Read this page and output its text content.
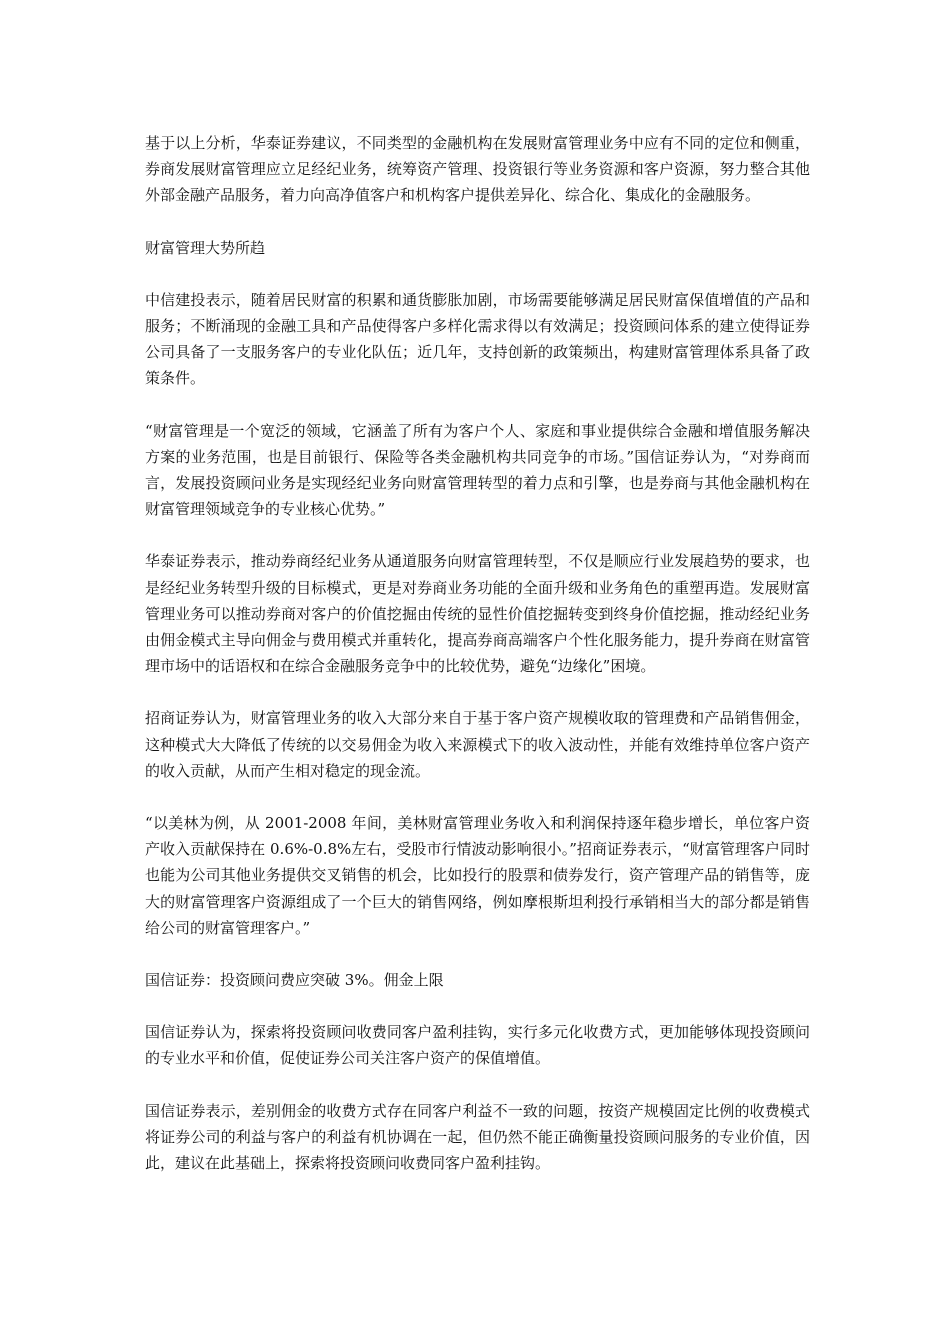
基于以上分析，华泰证券建议，不同类型的金融机构在发展财富管理业务中应有不同的定位和侧重，券商发展财富管理应立足经纪业务，统筹资产管理、投资银行等业务资源和客户资源，努力整合其他外部金融产品服务，着力向高净值客户和机构客户提供差异化、综合化、集成化的金融服务。

财富管理大势所趋

中信建投表示，随着居民财富的积累和通货膨胀加剧，市场需要能够满足居民财富保值增值的产品和服务；不断涌现的金融工具和产品使得客户多样化需求得以有效满足；投资顾问体系的建立使得证券公司具备了一支服务客户的专业化队伍；近几年，支持创新的政策频出，构建财富管理体系具备了政策条件。

“财富管理是一个宽泛的领域，它涵盖了所有为客户个人、家庭和事业提供综合金融和增值服务解决方案的业务范围，也是目前银行、保险等各类金融机构共同竞争的市场。”国信证券认为，“对券商而言，发展投资顾问业务是实现经纪业务向财富管理转型的着力点和引擎，也是券商与其他金融机构在财富管理领域竞争的专业核心优势。”

华泰证券表示，推动券商经纪业务从通道服务向财富管理转型，不仅是顺应行业发展趋势的要求，也是经纪业务转型升级的目标模式，更是对券商业务功能的全面升级和业务角色的重塑再造。发展财富管理业务可以推动券商对客户的价值挖掘由传统的显性价值挖掘转变到终身价值挖掘，推动经纪业务由佣金模式主导向佣金与费用模式并重转化，提高券商高端客户个性化服务能力，提升券商在财富管理市场中的话语权和在综合金融服务竞争中的比较优势，避免“边缘化”困境。

招商证券认为，财富管理业务的收入大部分来自于基于客户资产规模收取的管理费和产品销售佣金，这种模式大大降低了传统的以交易佣金为收入来源模式下的收入波动性，并能有效维持单位客户资产的收入贡献，从而产生相对稳定的现金流。

“以美林为例，从 2001-2008 年间，美林财富管理业务收入和利润保持逐年稳步增长，单位客户资产收入贡献保持在 0.6%-0.8%左右，受股市行情波动影响很小。”招商证券表示，“财富管理客户同时也能为公司其他业务提供交叉销售的机会，比如投行的股票和债券发行，资产管理产品的销售等，庞大的财富管理客户资源组成了一个巨大的销售网络，例如摩根斯坦利投行承销相当大的部分都是销售给公司的财富管理客户。”

国信证券：投资顾问费应突破 3%。佣金上限

国信证券认为，探索将投资顾问收费同客户盈利挂钩，实行多元化收费方式，更加能够体现投资顾问的专业水平和价值，促使证券公司关注客户资产的保值增值。

国信证券表示，差别佣金的收费方式存在同客户利益不一致的问题，按资产规模固定比例的收费模式将证券公司的利益与客户的利益有机协调在一起，但仍然不能正确衡量投资顾问服务的专业价值，因此，建议在此基础上，探索将投资顾问收费同客户盈利挂钩。
